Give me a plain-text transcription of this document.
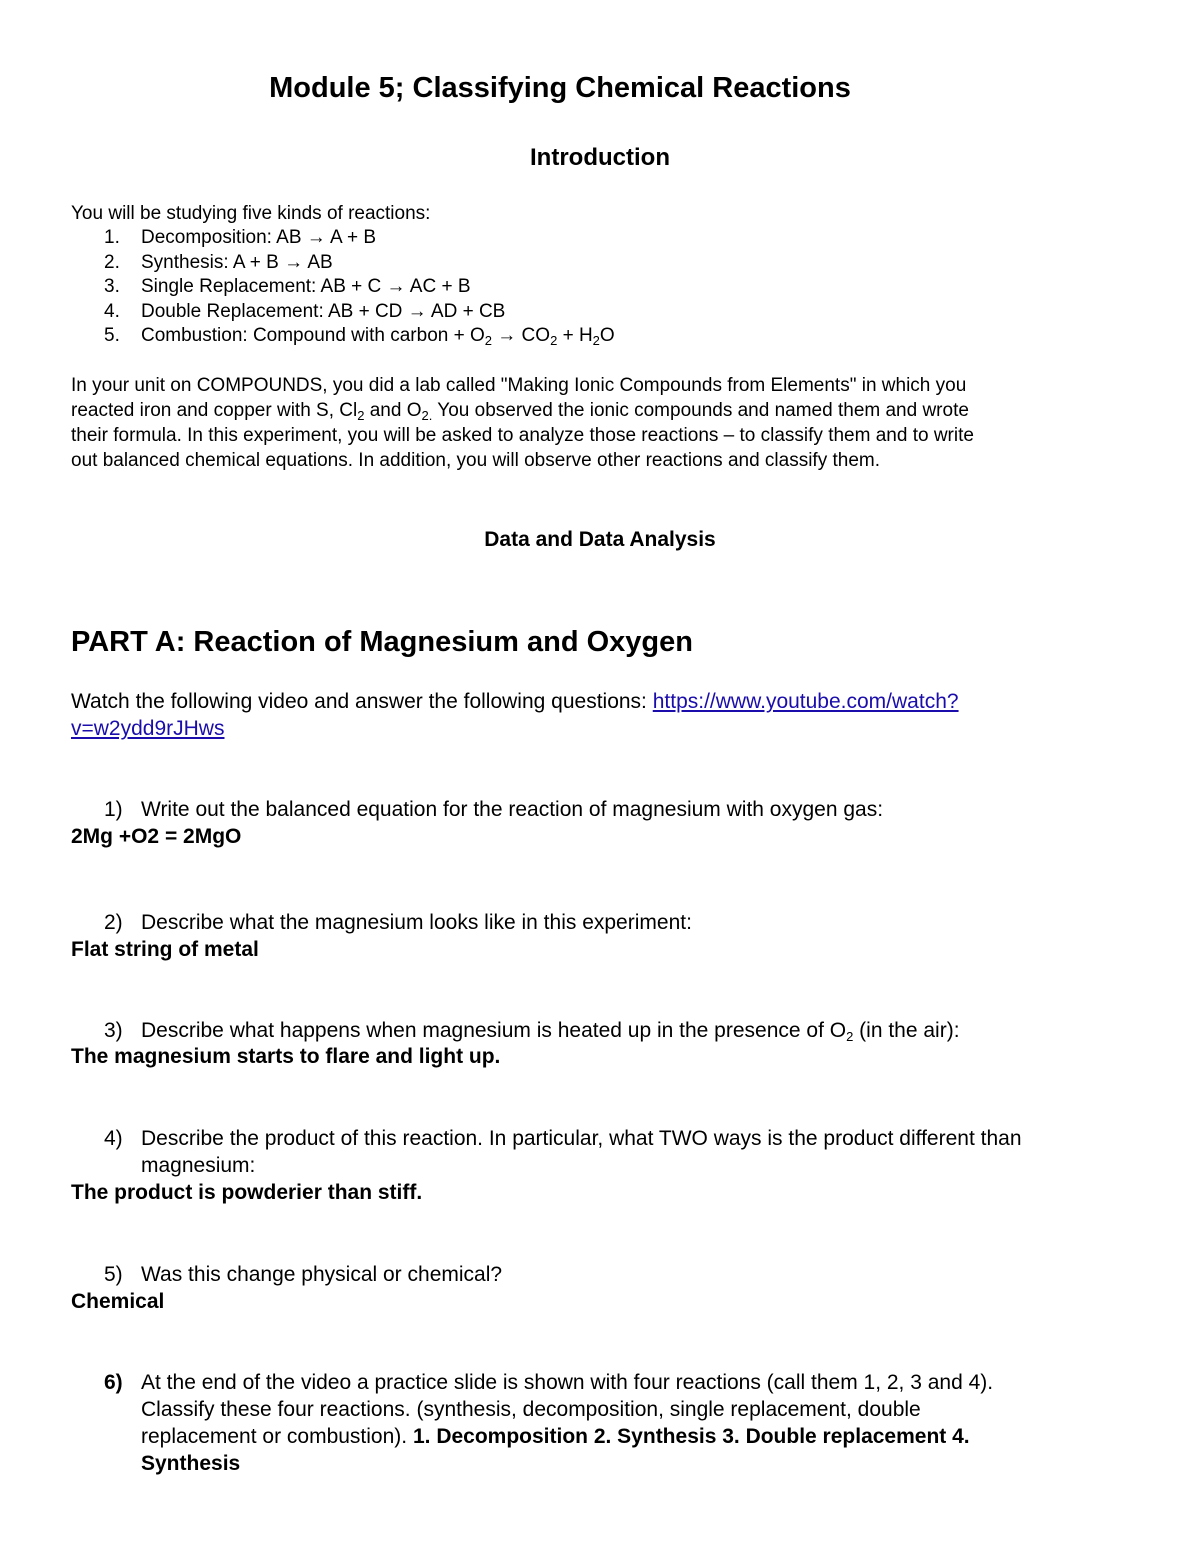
Module 5; Classifying Chemical Reactions
Introduction
You will be studying five kinds of reactions:
1.	Decomposition: AB → A + B
2.	Synthesis: A + B → AB
3.	Single Replacement: AB + C → AC + B
4.	Double Replacement: AB + CD → AD + CB
5.	Combustion: Compound with carbon + $O_2 \to CO_2 + H_2O$
In your unit on COMPOUNDS, you did a lab called "Making Ionic Compounds from Elements" in which you
reacted iron and copper with S, $Cl_2$ and $O_{2.}$ You observed the ionic compounds and named them and wrote
their formula. In this experiment, you will be asked to analyze those reactions – to classify them and to write
out balanced chemical equations. In addition, you will observe other reactions and classify them.
Data and Data Analysis
PART A: Reaction of Magnesium and Oxygen
Watch the following video and answer the following questions: https://www.youtube.com/watch?
v=w2ydd9rJHws
1) Write out the balanced equation for the reaction of magnesium with oxygen gas:
2Mg +O2 = 2MgO
2) Describe what the magnesium looks like in this experiment:
Flat string of metal
3) Describe what happens when magnesium is heated up in the presence of $O_2$ (in the air):
The magnesium starts to flare and light up.
4) Describe the product of this reaction. In particular, what TWO ways is the product different than
magnesium:
The product is powderier than stiff.
5) Was this change physical or chemical?
Chemical
6) At the end of the video a practice slide is shown with four reactions (call them 1, 2, 3 and 4).
Classify these four reactions. (synthesis, decomposition, single replacement, double
replacement or combustion). 1. Decomposition 2. Synthesis 3. Double replacement 4.
Synthesis
